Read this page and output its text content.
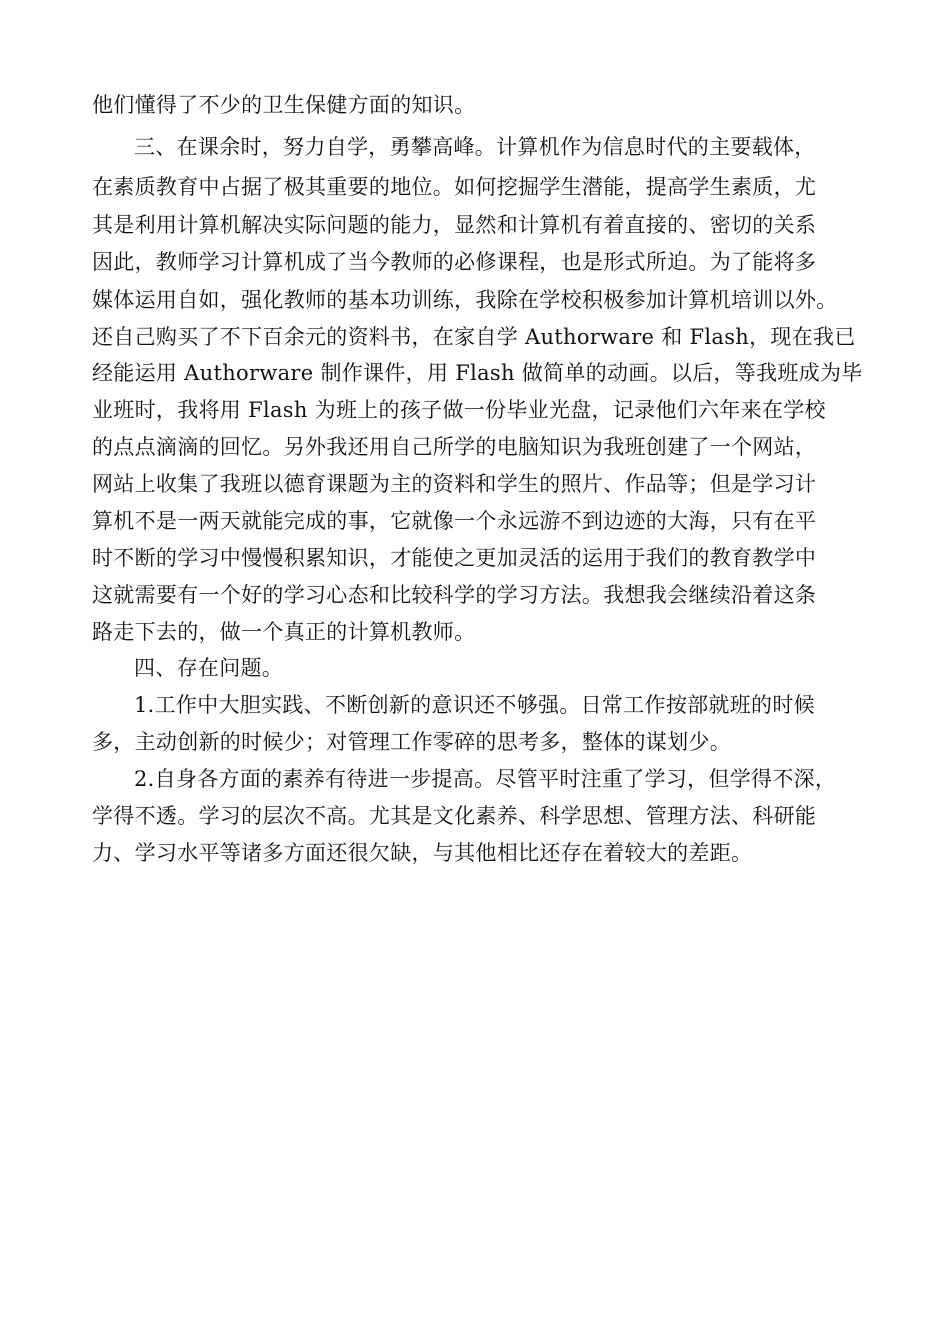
他们懂得了不少的卫生保健方面的知识。
三、在课余时，努力自学，勇攀高峰。计算机作为信息时代的主要载体，
在素质教育中占据了极其重要的地位。如何挖掘学生潜能，提高学生素质，尤
其是利用计算机解决实际问题的能力，显然和计算机有着直接的、密切的关系
因此，教师学习计算机成了当今教师的必修课程，也是形式所迫。为了能将多
媒体运用自如，强化教师的基本功训练，我除在学校积极参加计算机培训以外。
还自己购买了不下百余元的资料书，在家自学 Authorware 和 Flash，现在我已
经能运用 Authorware 制作课件，用 Flash 做简单的动画。以后，等我班成为毕
业班时，我将用 Flash 为班上的孩子做一份毕业光盘，记录他们六年来在学校
的点点滴滴的回忆。另外我还用自己所学的电脑知识为我班创建了一个网站，
网站上收集了我班以德育课题为主的资料和学生的照片、作品等；但是学习计
算机不是一两天就能完成的事，它就像一个永远游不到边迹的大海，只有在平
时不断的学习中慢慢积累知识，才能使之更加灵活的运用于我们的教育教学中
这就需要有一个好的学习心态和比较科学的学习方法。我想我会继续沿着这条
路走下去的，做一个真正的计算机教师。
四、存在问题。
1.工作中大胆实践、不断创新的意识还不够强。日常工作按部就班的时候
多，主动创新的时候少；对管理工作零碎的思考多，整体的谋划少。
2.自身各方面的素养有待进一步提高。尽管平时注重了学习，但学得不深，
学得不透。学习的层次不高。尤其是文化素养、科学思想、管理方法、科研能
力、学习水平等诸多方面还很欠缺，与其他相比还存在着较大的差距。
